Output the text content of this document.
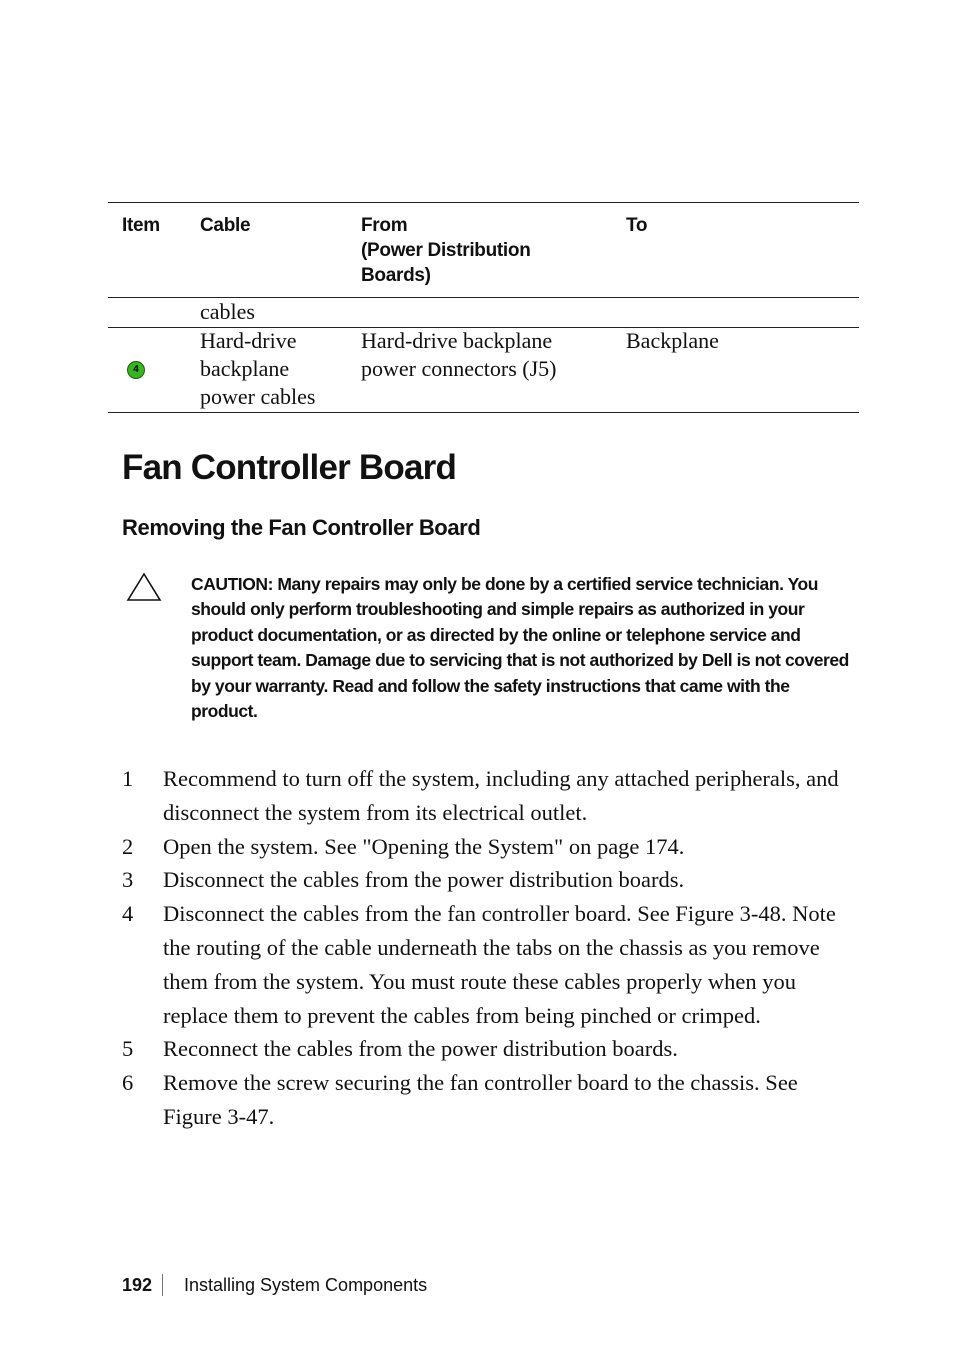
Item Cable	From
(Power Distribution
Boards)
To
cables
4
Hard-drive
backplane
power cables
Hard-drive backplane
power connectors (J5)
Backplane
Fan Controller Board
Removing the Fan Controller Board
CAUTION: Many repairs may only be done by a certified service technician. You should only perform troubleshooting and simple repairs as authorized in your product documentation, or as directed by the online or telephone service and support team. Damage due to servicing that is not authorized by Dell is not covered by your warranty. Read and follow the safety instructions that came with the product.
1 Recommend to turn off the system, including any attached peripherals, and disconnect the system from its electrical outlet.
2 Open the system. See "Opening the System" on page 174.
3 Disconnect the cables from the power distribution boards.
4 Disconnect the cables from the fan controller board. See Figure 3-48. Note the routing of the cable underneath the tabs on the chassis as you remove them from the system. You must route these cables properly when you replace them to prevent the cables from being pinched or crimped.
5 Reconnect the cables from the power distribution boards.
6 Remove the screw securing the fan controller board to the chassis. See Figure 3-47.
192 Installing System Components
